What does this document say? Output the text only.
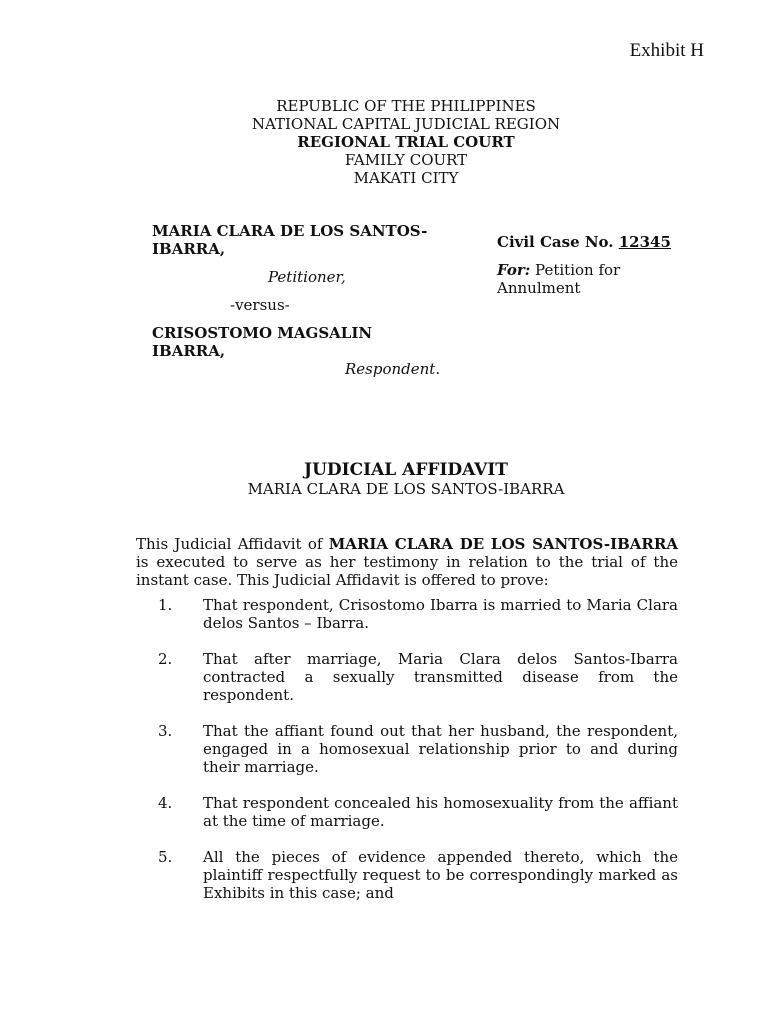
Exhibit H
REPUBLIC OF THE PHILIPPINES
NATIONAL CAPITAL JUDICIAL REGION
REGIONAL TRIAL COURT
FAMILY COURT
MAKATI CITY
MARIA CLARA DE LOS SANTOS-
IBARRA,
Petitioner,
-versus-
CRISOSTOMO MAGSALIN
IBARRA,
Respondent.
Civil Case No. 12345
For: Petition for
Annulment
JUDICIAL AFFIDAVIT
MARIA CLARA DE LOS SANTOS-IBARRA
This Judicial Affidavit of MARIA CLARA DE LOS SANTOS-IBARRA is executed to serve as her testimony in relation to the trial of the instant case. This Judicial Affidavit is offered to prove:
1.	That respondent, Crisostomo Ibarra is married to Maria Clara delos Santos – Ibarra.
2.	That after marriage, Maria Clara delos Santos-Ibarra contracted a sexually transmitted disease from the respondent.
3.	That the affiant found out that her husband, the respondent, engaged in a homosexual relationship prior to and during their marriage.
4.	That respondent concealed his homosexuality from the affiant at the time of marriage.
5.	All the pieces of evidence appended thereto, which the plaintiff respectfully request to be correspondingly marked as Exhibits in this case; and
